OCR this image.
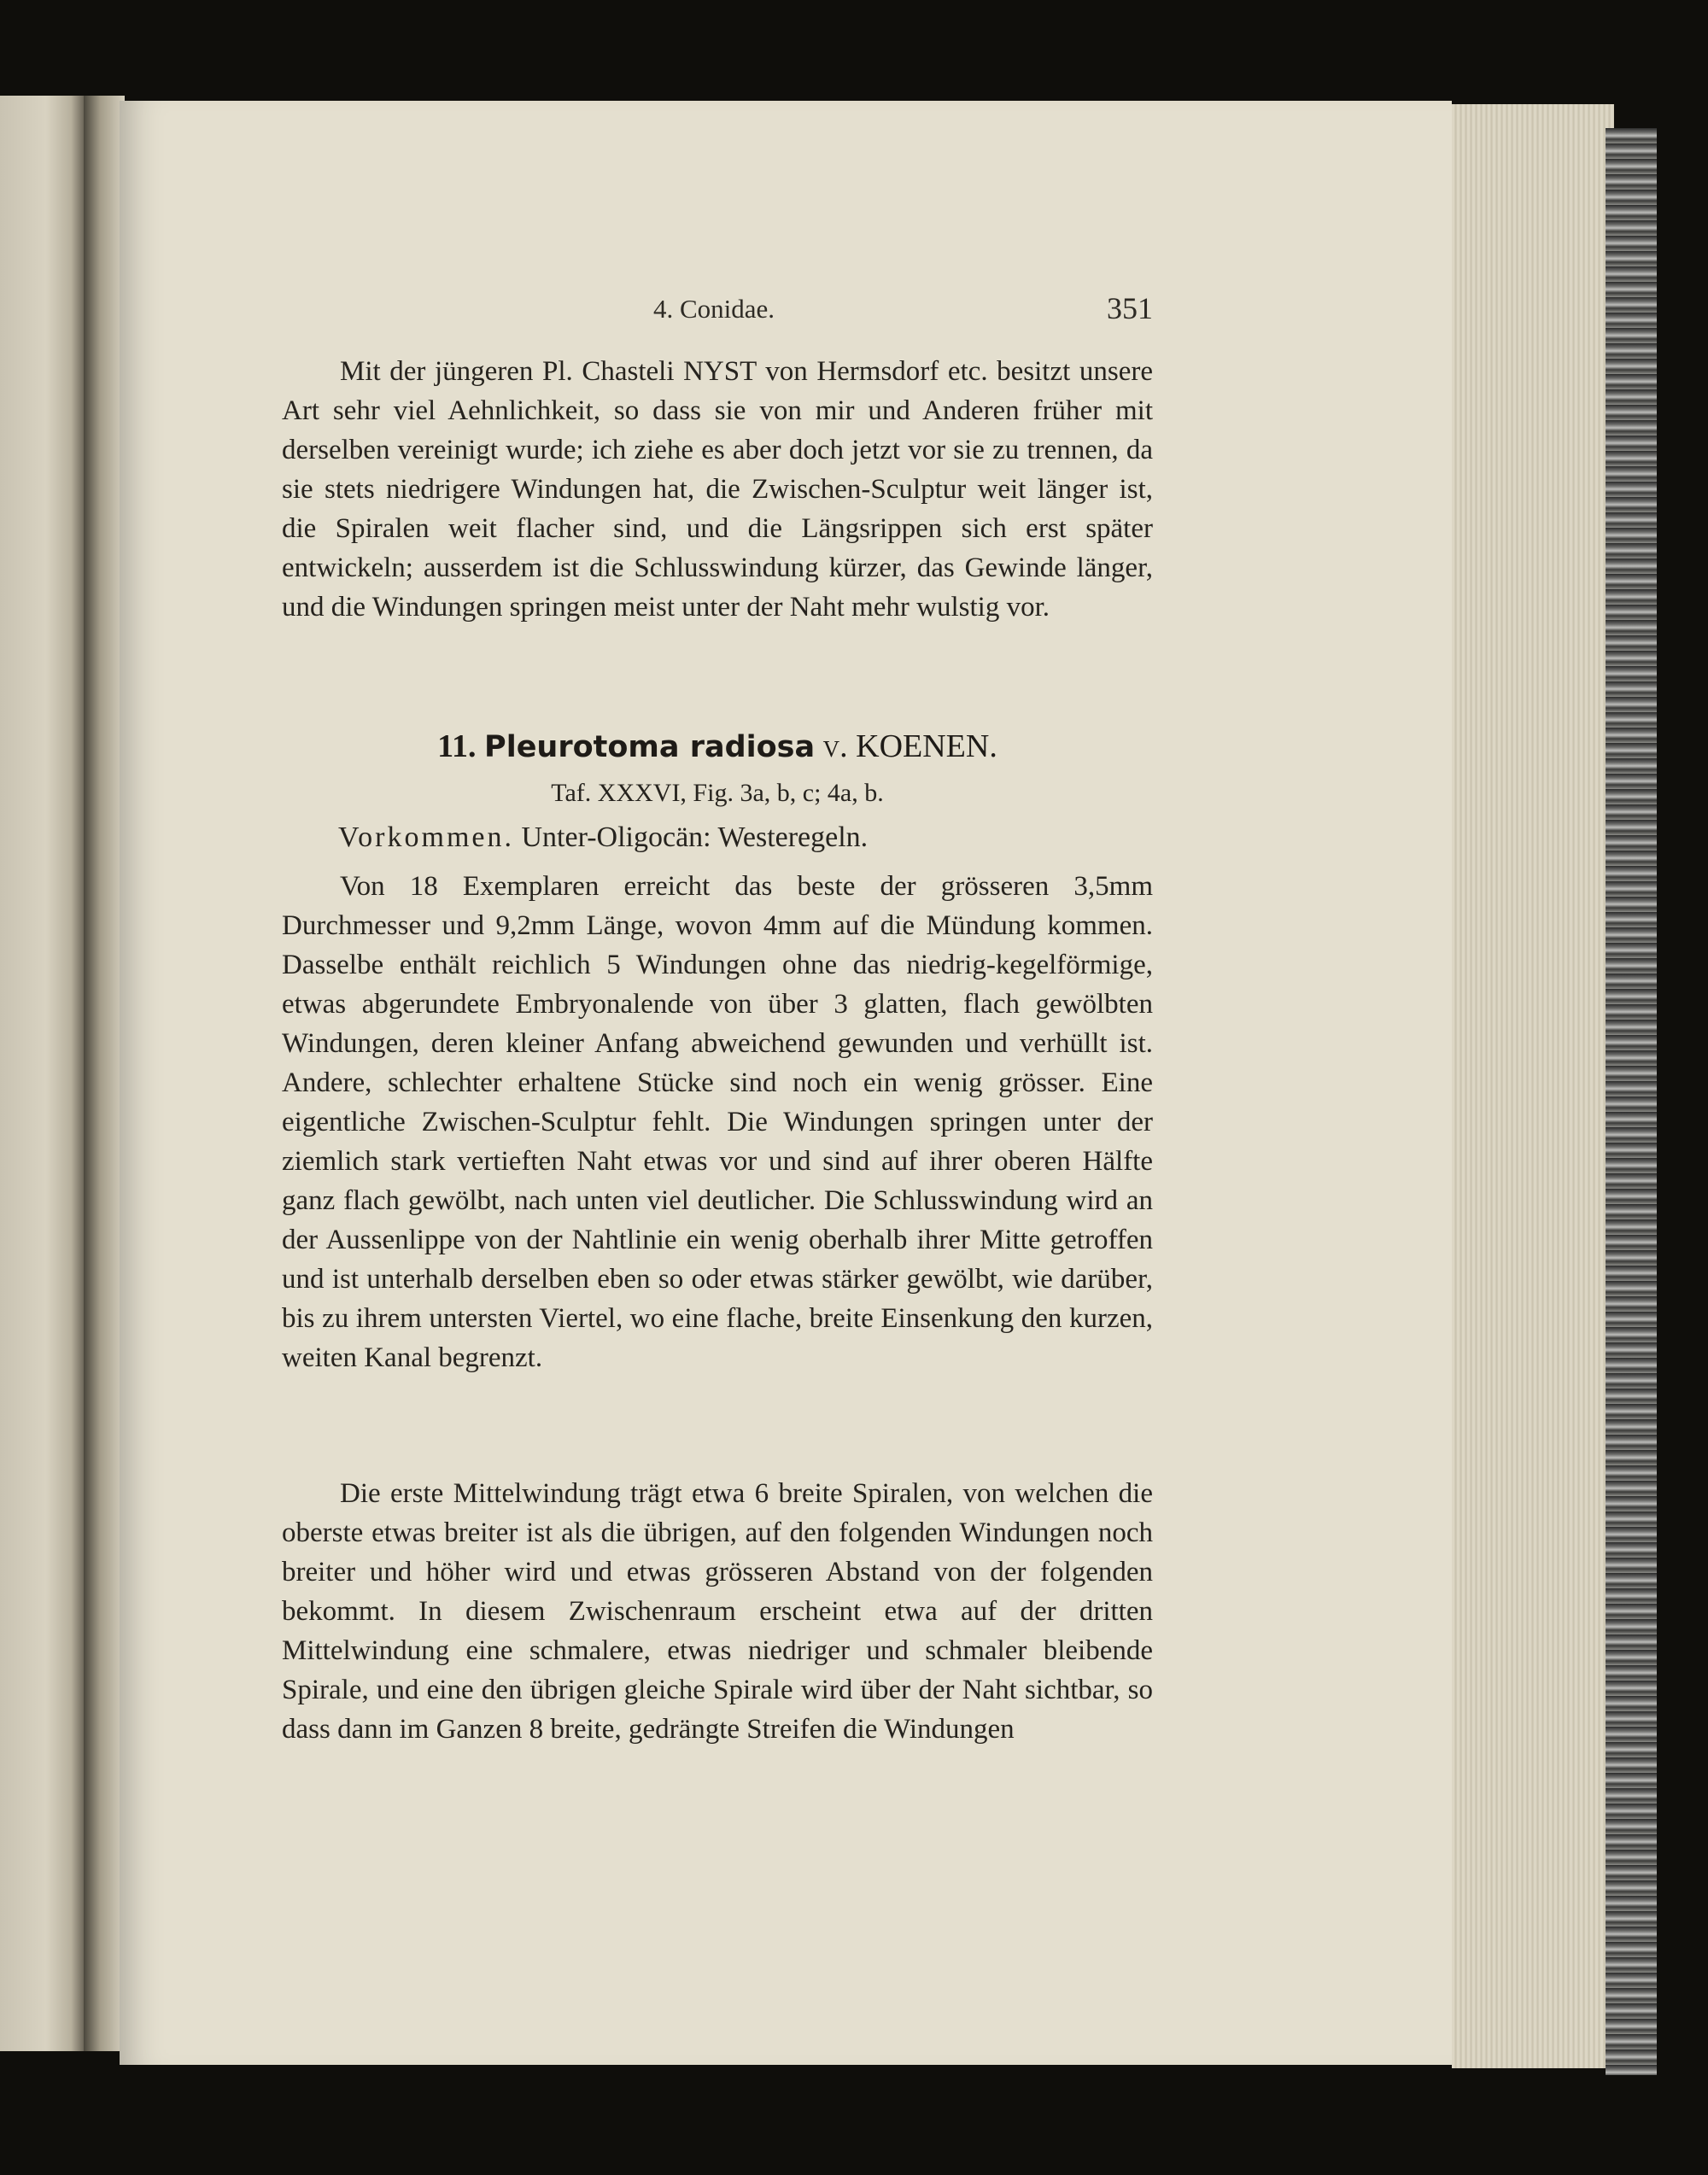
4. Conidae.	351

Mit der jüngeren Pl. Chasteli NYST von Hermsdorf etc. besitzt unsere Art sehr viel Aehnlichkeit, so dass sie von mir und Anderen früher mit derselben vereinigt wurde; ich ziehe es aber doch jetzt vor sie zu trennen, da sie stets niedrigere Windungen hat, die Zwischen-Sculptur weit länger ist, die Spiralen weit flacher sind, und die Längsrippen sich erst später entwickeln; ausserdem ist die Schlusswindung kürzer, das Gewinde länger, und die Windungen springen meist unter der Naht mehr wulstig vor.

11. Pleurotoma radiosa v. KOENEN.
Taf. XXXVI, Fig. 3a, b, c; 4a, b.
Vorkommen. Unter-Oligocän: Westeregeln.

Von 18 Exemplaren erreicht das beste der grösseren 3,5mm Durchmesser und 9,2mm Länge, wovon 4mm auf die Mündung kommen. Dasselbe enthält reichlich 5 Windungen ohne das niedrig-kegelförmige, etwas abgerundete Embryonalende von über 3 glatten, flach gewölbten Windungen, deren kleiner Anfang abweichend gewunden und verhüllt ist. Andere, schlechter erhaltene Stücke sind noch ein wenig grösser. Eine eigentliche Zwischen-Sculptur fehlt. Die Windungen springen unter der ziemlich stark vertieften Naht etwas vor und sind auf ihrer oberen Hälfte ganz flach gewölbt, nach unten viel deutlicher. Die Schlusswindung wird an der Aussenlippe von der Nahtlinie ein wenig oberhalb ihrer Mitte getroffen und ist unterhalb derselben eben so oder etwas stärker gewölbt, wie darüber, bis zu ihrem untersten Viertel, wo eine flache, breite Einsenkung den kurzen, weiten Kanal begrenzt.

Die erste Mittelwindung trägt etwa 6 breite Spiralen, von welchen die oberste etwas breiter ist als die übrigen, auf den folgenden Windungen noch breiter und höher wird und etwas grösseren Abstand von der folgenden bekommt. In diesem Zwischenraum erscheint etwa auf der dritten Mittelwindung eine schmalere, etwas niedriger und schmaler bleibende Spirale, und eine den übrigen gleiche Spirale wird über der Naht sichtbar, so dass dann im Ganzen 8 breite, gedrängte Streifen die Windungen
